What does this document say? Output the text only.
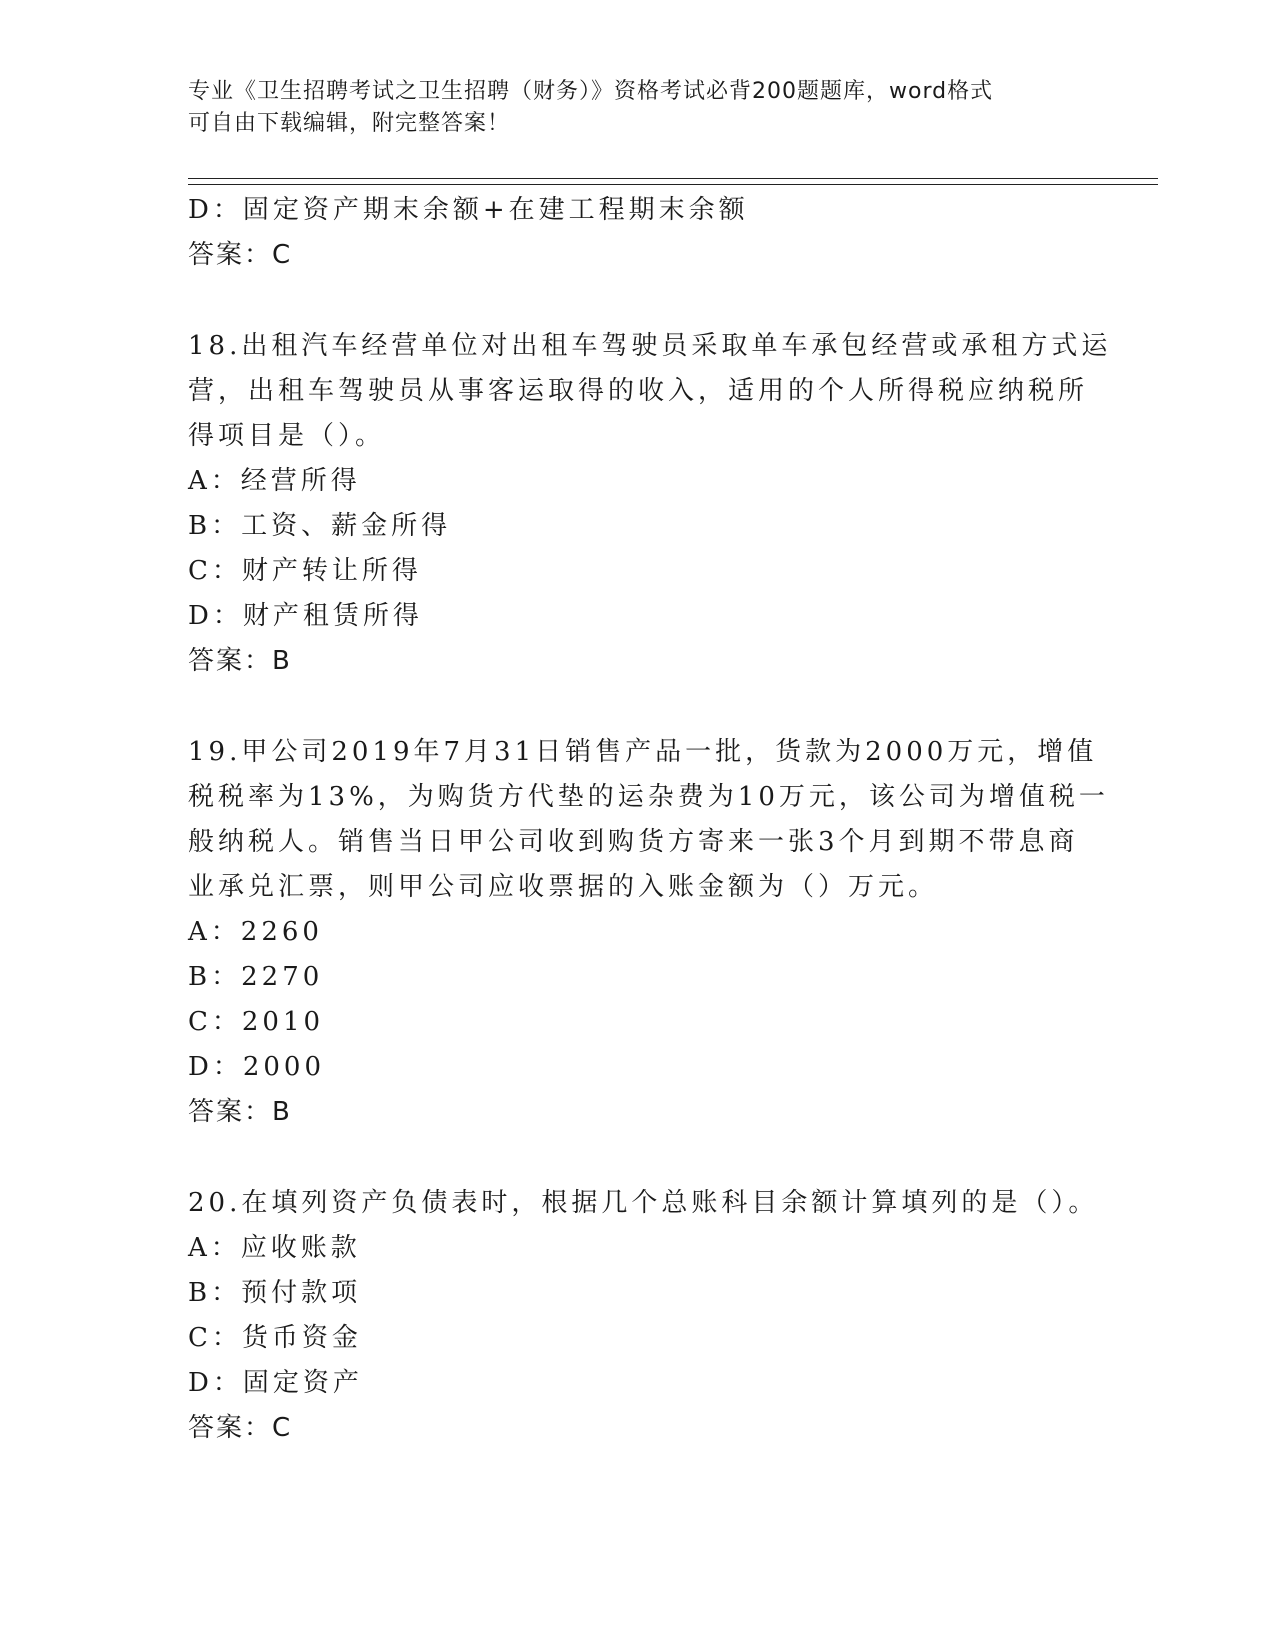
专业《卫生招聘考试之卫生招聘（财务）》资格考试必背200题题库，word格式
可自由下载编辑，附完整答案！
D：固定资产期末余额+在建工程期末余额
答案：C
18.出租汽车经营单位对出租车驾驶员采取单车承包经营或承租方式运
营，出租车驾驶员从事客运取得的收入，适用的个人所得税应纳税所
得项目是（）。
A：经营所得
B：工资、薪金所得
C：财产转让所得
D：财产租赁所得
答案：B
19.甲公司2019年7月31日销售产品一批，货款为2000万元，增值
税税率为13%，为购货方代垫的运杂费为10万元，该公司为增值税一
般纳税人。销售当日甲公司收到购货方寄来一张3个月到期不带息商
业承兑汇票，则甲公司应收票据的入账金额为（）万元。
A：2260
B：2270
C：2010
D：2000
答案：B
20.在填列资产负债表时，根据几个总账科目余额计算填列的是（）。
A：应收账款
B：预付款项
C：货币资金
D：固定资产
答案：C
